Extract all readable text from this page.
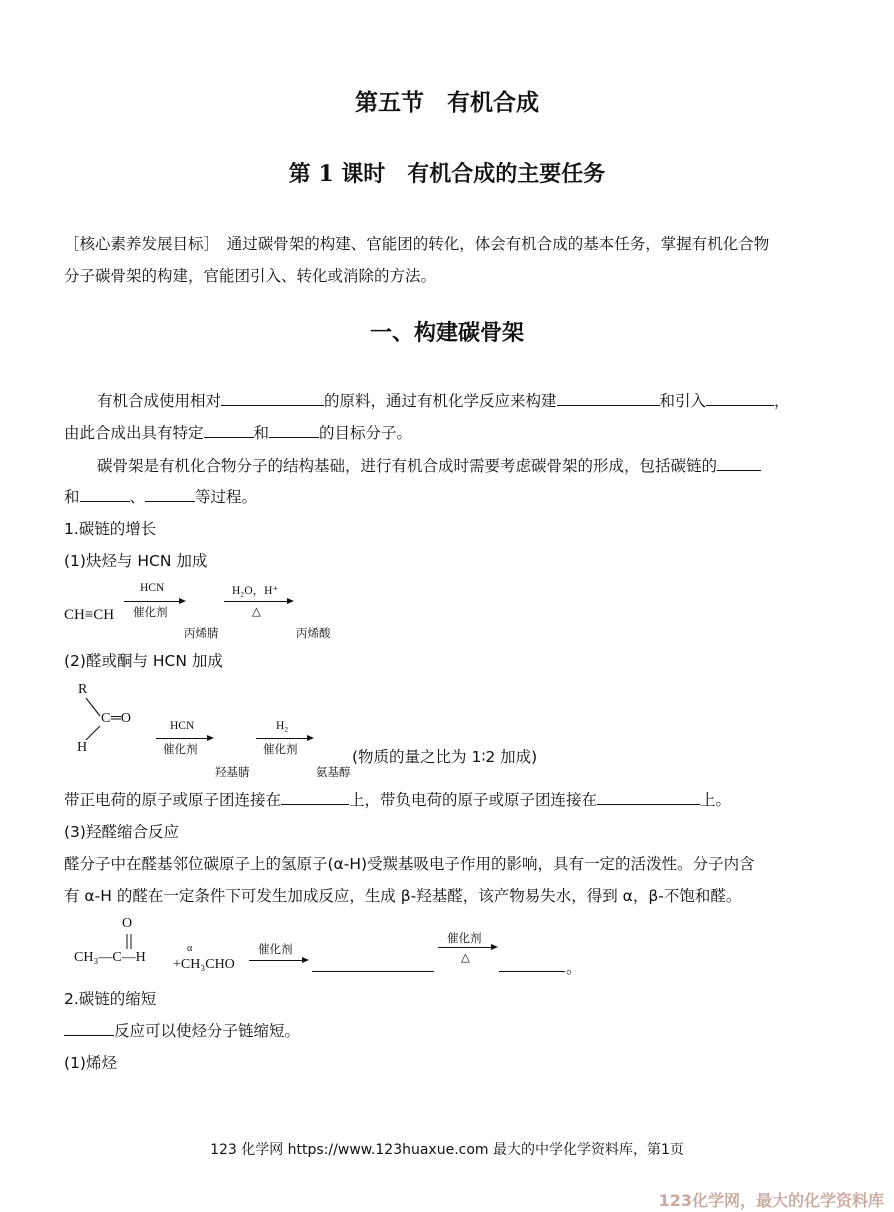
第五节　有机合成
第 1 课时　有机合成的主要任务
［核心素养发展目标］　通过碳骨架的构建、官能团的转化，体会有机合成的基本任务，掌握有机化合物
分子碳骨架的构建，官能团引入、转化或消除的方法。
一、构建碳骨架
有机合成使用相对	的原料，通过有机化学反应来构建	和引入	，
由此合成出具有特定	和	的目标分子。
碳骨架是有机化合物分子的结构基础，进行有机合成时需要考虑碳骨架的形成，包括碳链的
和	、	等过程。
1.碳链的增长
(1)炔烃与 HCN 加成
CH≡CH
HCN
催化剂
H₂O，H⁺
△
丙烯腈	丙烯酸
(2)醛或酮与 HCN 加成
R
C ═O
H
HCN
催化剂
H₂
催化剂
羟基腈	氨基醇
(物质的量之比为 1∶2 加成)
带正电荷的原子或原子团连接在	上，带负电荷的原子或原子团连接在	上。
(3)羟醛缩合反应
醛分子中在醛基邻位碳原子上的氢原子(α-H)受羰基吸电子作用的影响，具有一定的活泼性。分子内含
有 α-H 的醛在一定条件下可发生加成反应，生成 β-羟基醛，该产物易失水，得到 α，β-不饱和醛。
O
CH₃—C—H
α
+CH₃CHO
催化剂
催化剂
△
。
2.碳链的缩短
反应可以使烃分子链缩短。
(1)烯烃
123 化学网 https://www.123huaxue.com 最大的中学化学资料库，第1页
123化学网，最大的化学资料库
